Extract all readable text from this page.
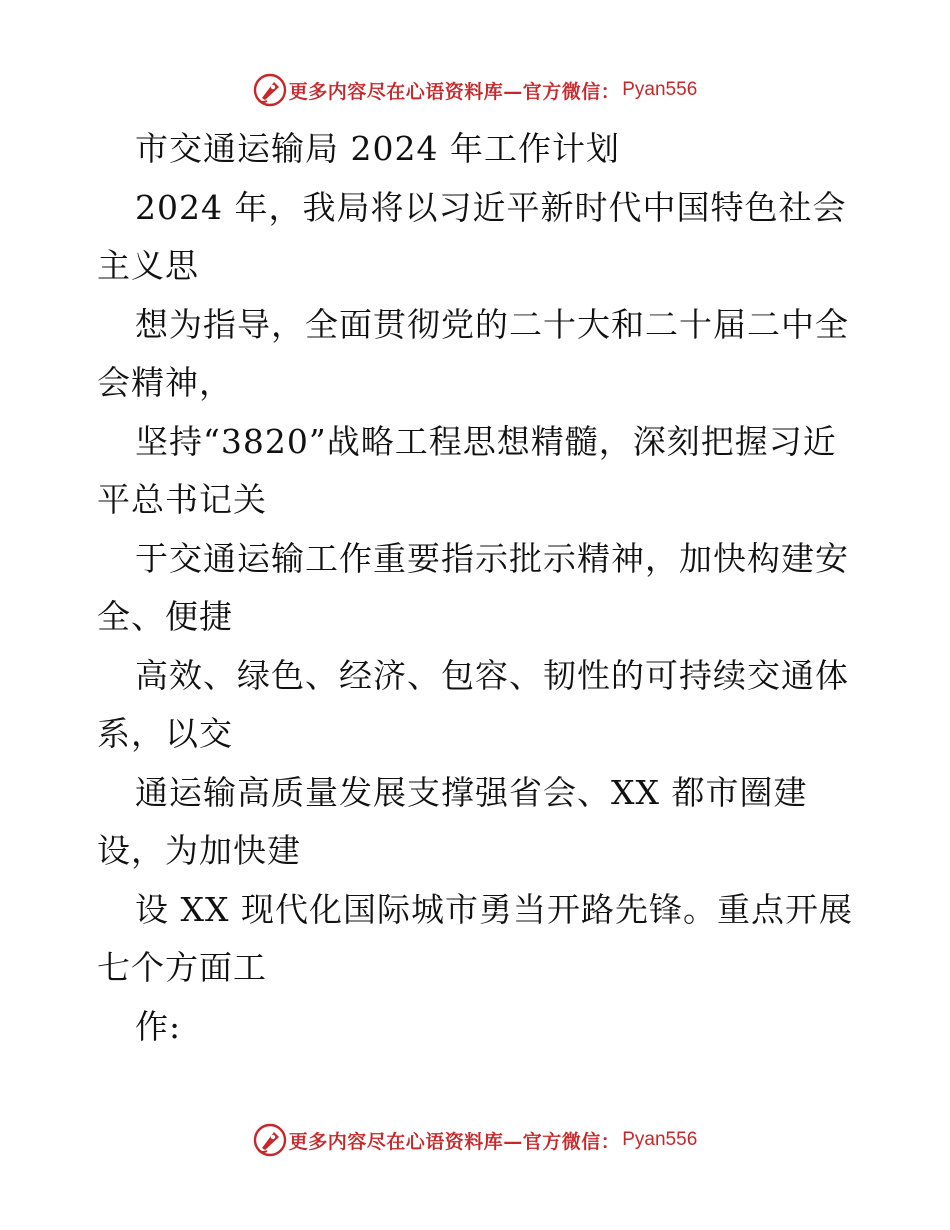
更多内容尽在心语资料库—官方微信： Pyan556
市交通运输局 2024 年工作计划
2024 年，我局将以习近平新时代中国特色社会
主义思
想为指导，全面贯彻党的二十大和二十届二中全
会精神，
坚持“3820”战略工程思想精髓，深刻把握习近
平总书记关
于交通运输工作重要指示批示精神，加快构建安
全、便捷
高效、绿色、经济、包容、韧性的可持续交通体
系，以交
通运输高质量发展支撑强省会、XX 都市圈建
设，为加快建
设 XX 现代化国际城市勇当开路先锋。重点开展
七个方面工
作:
更多内容尽在心语资料库—官方微信： Pyan556
